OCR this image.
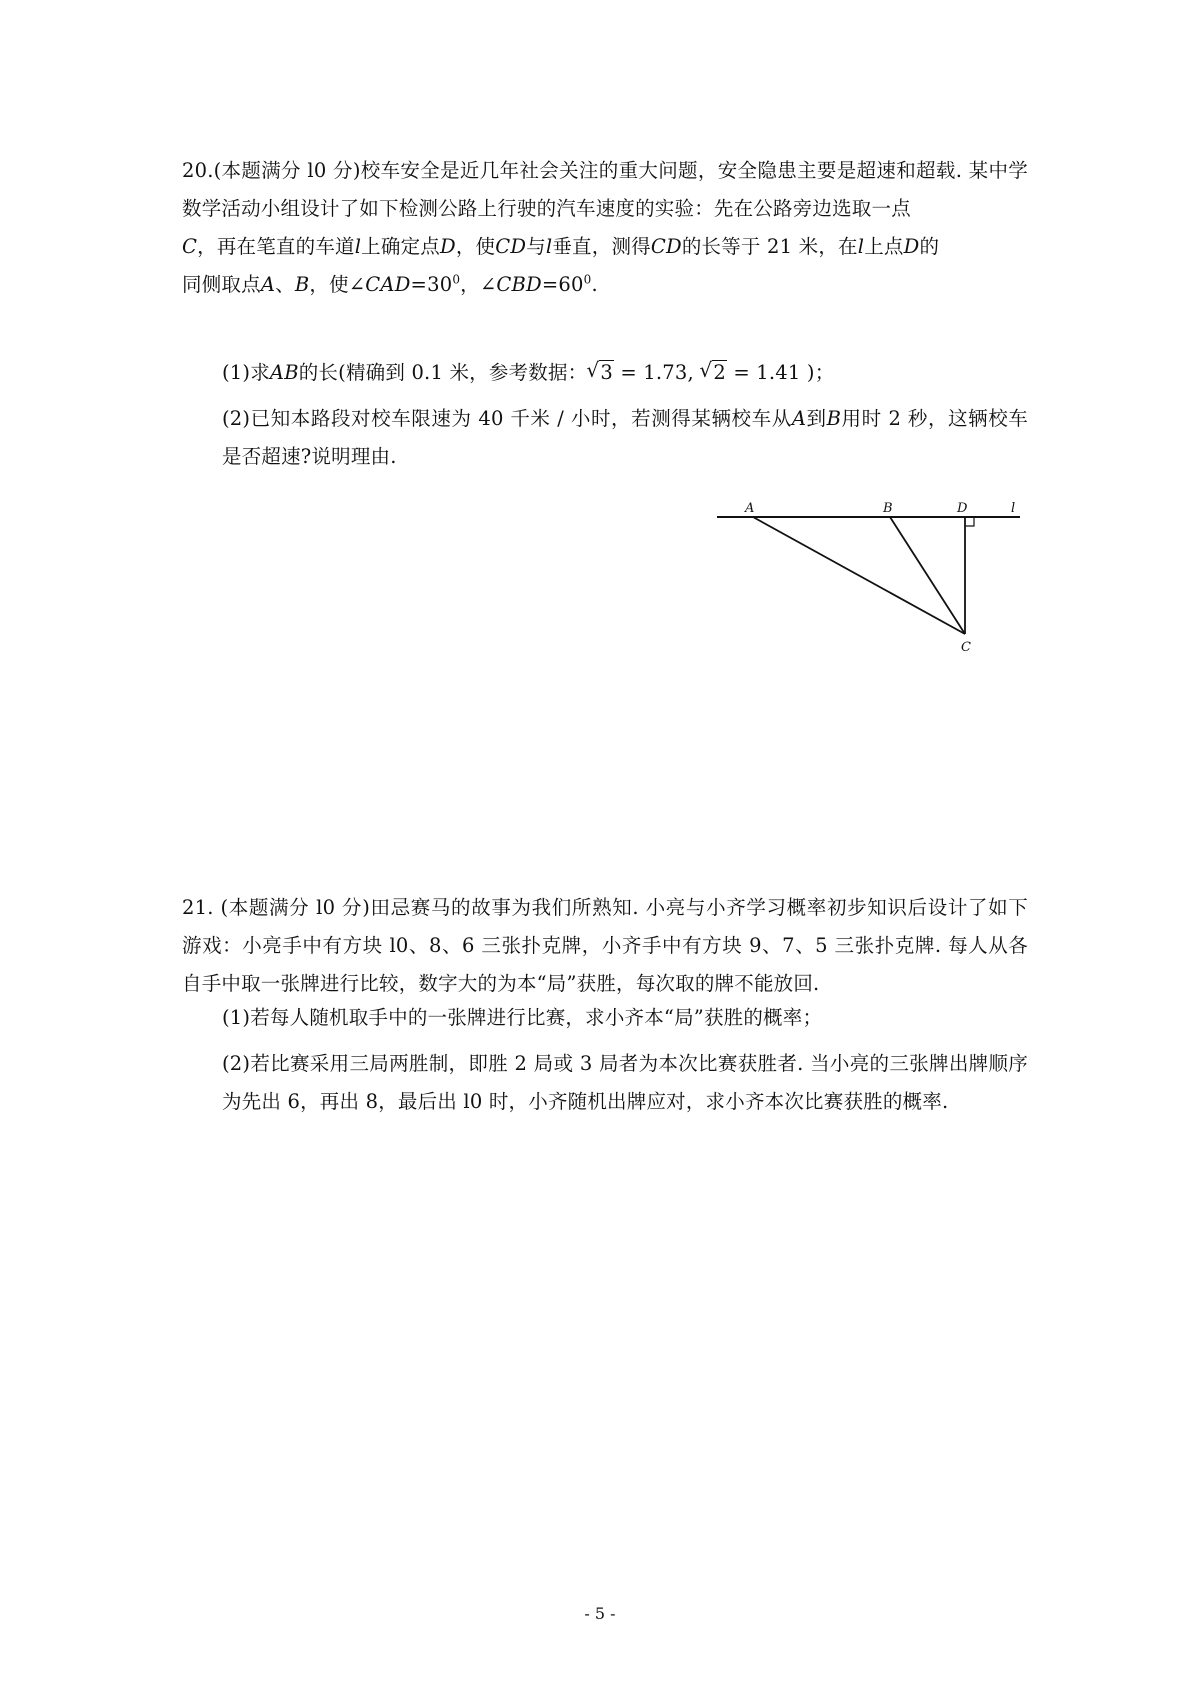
20.(本题满分 l0 分)校车安全是近几年社会关注的重大问题，安全隐患主要是超速和超载. 某中学数学活动小组设计了如下检测公路上行驶的汽车速度的实验：先在公路旁边选取一点
C，再在笔直的车道l上确定点D，使CD与l垂直，测得CD的长等于 21 米，在l上点D的
同侧取点A、B，使$\angle CAD=30^0$，$\angle CBD=60^0$.
(1)求AB的长(精确到 0.1 米，参考数据：√ 3 = 1.73, √ 2 = 1.41 )；
(2)已知本路段对校车限速为 40 千米 / 小时，若测得某辆校车从A到B用时 2 秒，这辆校车是否超速?说明理由.
A	B	D	l
C
21. (本题满分 l0 分)田忌赛马的故事为我们所熟知. 小亮与小齐学习概率初步知识后设计了如下游戏：小亮手中有方块 l0、8、6 三张扑克牌，小齐手中有方块 9、7、5 三张扑克牌. 每人从各自手中取一张牌进行比较，数字大的为本“局”获胜，每次取的牌不能放回.
(1)若每人随机取手中的一张牌进行比赛，求小齐本“局”获胜的概率；
(2)若比赛采用三局两胜制，即胜 2 局或 3 局者为本次比赛获胜者. 当小亮的三张牌出牌顺序为先出 6，再出 8，最后出 l0 时，小齐随机出牌应对，求小齐本次比赛获胜的概率.
- 5 -
